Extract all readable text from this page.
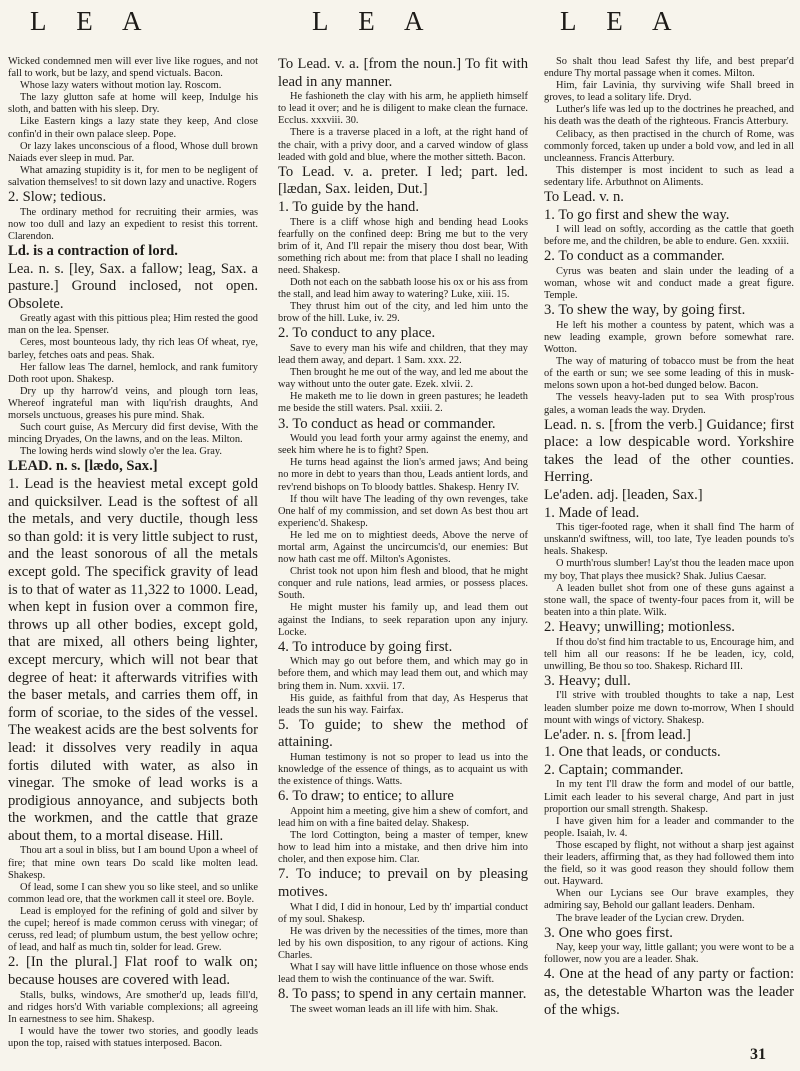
L E A	L E A	L E A

Wicked condemned men will ever live like rogues, and not fall to work, but be lazy, and spend victuals. Bacon.

Whose lazy waters without motion lay. Roscom.

The lazy glutton safe at home will keep, Indulge his sloth, and batten with his sleep. Dry.

Like Eastern kings a lazy state they keep, And close confin'd in their own palace sleep. Pope.

Or lazy lakes unconscious of a flood, Whose dull brown Naiads ever sleep in mud. Par.

What amazing stupidity is it, for men to be negligent of salvation themselves! to sit down lazy and unactive. Rogers

2. Slow; tedious.

The ordinary method for recruiting their armies, was now too dull and lazy an expedient to resist this torrent. Clarendon.

Ld. is a contraction of lord.

Lea. n. s. [ley, Sax. a fallow; leag, Sax. a pasture.] Ground inclosed, not open. Obsolete.

Greatly agast with this pittious plea; Him rested the good man on the lea. Spenser.

Ceres, most bounteous lady, thy rich leas Of wheat, rye, barley, fetches oats and peas. Shak.

Her fallow leas The darnel, hemlock, and rank fumitory Doth root upon. Shakesp.

Dry up thy harrow'd veins, and plough torn leas, Whereof ingrateful man with liqu'rish draughts, And morsels unctuous, greases his pure mind. Shak.

Such court guise, As Mercury did first devise, With the mincing Dryades, On the lawns, and on the leas. Milton.

The lowing herds wind slowly o'er the lea. Gray.

LEAD. n. s. [lædo, Sax.]

1. Lead is the heaviest metal except gold and quicksilver. Lead is the softest of all the metals, and very ductile, though less so than gold: it is very little subject to rust, and the least sonorous of all the metals except gold. The specifick gravity of lead is to that of water as 11,322 to 1000. Lead, when kept in fusion over a common fire, throws up all other bodies, except gold, that are mixed, all others being lighter, except mercury, which will not bear that degree of heat: it afterwards vitrifies with the baser metals, and carries them off, in form of scoriae, to the sides of the vessel. The weakest acids are the best solvents for lead: it dissolves very readily in aqua fortis diluted with water, as also in vinegar. The smoke of lead works is a prodigious annoyance, and subjects both the workmen, and the cattle that graze about them, to a mortal disease. Hill.

Thou art a soul in bliss, but I am bound Upon a wheel of fire; that mine own tears Do scald like molten lead. Shakesp.

Of lead, some I can shew you so like steel, and so unlike common lead ore, that the workmen call it steel ore. Boyle.

Lead is employed for the refining of gold and silver by the cupel; hereof is made common ceruss with vinegar; of ceruss, red lead; of plumbum ustum, the best yellow ochre; of lead, and half as much tin, solder for lead. Grew.

2. [In the plural.] Flat roof to walk on; because houses are covered with lead.

Stalls, bulks, windows, Are smother'd up, leads fill'd, and ridges hors'd With variable complexions; all agreeing In earnestness to see him. Shakesp.

I would have the tower two stories, and goodly leads upon the top, raised with statues interposed. Bacon.

To Lead. v. a. [from the noun.] To fit with lead in any manner.

He fashioneth the clay with his arm, he applieth himself to lead it over; and he is diligent to make clean the furnace. Ecclus. xxxviii. 30.

There is a traverse placed in a loft, at the right hand of the chair, with a privy door, and a carved window of glass leaded with gold and blue, where the mother sitteth. Bacon.

To Lead. v. a. preter. I led; part. led. [lædan, Sax. leiden, Dut.]

1. To guide by the hand.

There is a cliff whose high and bending head Looks fearfully on the confined deep: Bring me but to the very brim of it, And I'll repair the misery thou dost bear, With something rich about me: from that place I shall no leading need. Shakesp.

Doth not each on the sabbath loose his ox or his ass from the stall, and lead him away to watering? Luke, xiii. 15.

They thrust him out of the city, and led him unto the brow of the hill. Luke, iv. 29.

2. To conduct to any place.

Save to every man his wife and children, that they may lead them away, and depart. 1 Sam. xxx. 22.

Then brought he me out of the way, and led me about the way without unto the outer gate. Ezek. xlvii. 2.

He maketh me to lie down in green pastures; he leadeth me beside the still waters. Psal. xxiii. 2.

3. To conduct as head or commander.

Would you lead forth your army against the enemy, and seek him where he is to fight? Spen.

He turns head against the lion's armed jaws; And being no more in debt to years than thou, Leads antient lords, and rev'rend bishops on To bloody battles. Shakesp. Henry IV.

If thou wilt have The leading of thy own revenges, take One half of my commission, and set down As best thou art experienc'd. Shakesp.

He led me on to mightiest deeds, Above the nerve of mortal arm, Against the uncircumcis'd, our enemies: But now hath cast me off. Milton's Agonistes.

Christ took not upon him flesh and blood, that he might conquer and rule nations, lead armies, or possess places. South.

He might muster his family up, and lead them out against the Indians, to seek reparation upon any injury. Locke.

4. To introduce by going first.

Which may go out before them, and which may go in before them, and which may lead them out, and which may bring them in. Num. xxvii. 17.

His guide, as faithful from that day, As Hesperus that leads the sun his way. Fairfax.

5. To guide; to shew the method of attaining.

Human testimony is not so proper to lead us into the knowledge of the essence of things, as to acquaint us with the existence of things. Watts.

6. To draw; to entice; to allure

Appoint him a meeting, give him a shew of comfort, and lead him on with a fine baited delay. Shakesp.

The lord Cottington, being a master of temper, knew how to lead him into a mistake, and then drive him into choler, and then expose him. Clar.

7. To induce; to prevail on by pleasing motives.

What I did, I did in honour, Led by th' impartial conduct of my soul. Shakesp.

He was driven by the necessities of the times, more than led by his own disposition, to any rigour of actions. King Charles.

What I say will have little influence on those whose ends lead them to wish the continuance of the war. Swift.

8. To pass; to spend in any certain manner.

The sweet woman leads an ill life with him. Shak.

So shalt thou lead Safest thy life, and best prepar'd endure Thy mortal passage when it comes. Milton.

Him, fair Lavinia, thy surviving wife Shall breed in groves, to lead a solitary life. Dryd.

Luther's life was led up to the doctrines he preached, and his death was the death of the righteous. Francis Atterbury.

Celibacy, as then practised in the church of Rome, was commonly forced, taken up under a bold vow, and led in all uncleanness. Francis Atterbury.

This distemper is most incident to such as lead a sedentary life. Arbuthnot on Aliments.

To Lead. v. n.

1. To go first and shew the way.

I will lead on softly, according as the cattle that goeth before me, and the children, be able to endure. Gen. xxxiii.

2. To conduct as a commander.

Cyrus was beaten and slain under the leading of a woman, whose wit and conduct made a great figure. Temple.

3. To shew the way, by going first.

He left his mother a countess by patent, which was a new leading example, grown before somewhat rare. Wotton.

The way of maturing of tobacco must be from the heat of the earth or sun; we see some leading of this in musk-melons sown upon a hot-bed dunged below. Bacon.

The vessels heavy-laden put to sea With prosp'rous gales, a woman leads the way. Dryden.

Lead. n. s. [from the verb.] Guidance; first place: a low despicable word. Yorkshire takes the lead of the other counties. Herring.

Le'aden. adj. [leaden, Sax.]

1. Made of lead.

This tiger-footed rage, when it shall find The harm of unskann'd swiftness, will, too late, Tye leaden pounds to's heals. Shakesp.

O murth'rous slumber! Lay'st thou the leaden mace upon my boy, That plays thee musick? Shak. Julius Caesar.

A leaden bullet shot from one of these guns against a stone wall, the space of twenty-four paces from it, will be beaten into a thin plate. Wilk.

2. Heavy; unwilling; motionless.

If thou do'st find him tractable to us, Encourage him, and tell him all our reasons: If he be leaden, icy, cold, unwilling, Be thou so too. Shakesp. Richard III.

3. Heavy; dull.

I'll strive with troubled thoughts to take a nap, Lest leaden slumber poize me down to-morrow, When I should mount with wings of victory. Shakesp.

Le'ader. n. s. [from lead.]

1. One that leads, or conducts.

2. Captain; commander.

In my tent I'll draw the form and model of our battle, Limit each leader to his several charge, And part in just proportion our small strength. Shakesp.

I have given him for a leader and commander to the people. Isaiah, lv. 4.

Those escaped by flight, not without a sharp jest against their leaders, affirming that, as they had followed them into the field, so it was good reason they should follow them out. Hayward.

When our Lycians see Our brave examples, they admiring say, Behold our gallant leaders. Denham.

The brave leader of the Lycian crew. Dryden.

3. One who goes first.

Nay, keep your way, little gallant; you were wont to be a follower, now you are a leader. Shak.

4. One at the head of any party or faction: as, the detestable Wharton was the leader of the whigs.

31
